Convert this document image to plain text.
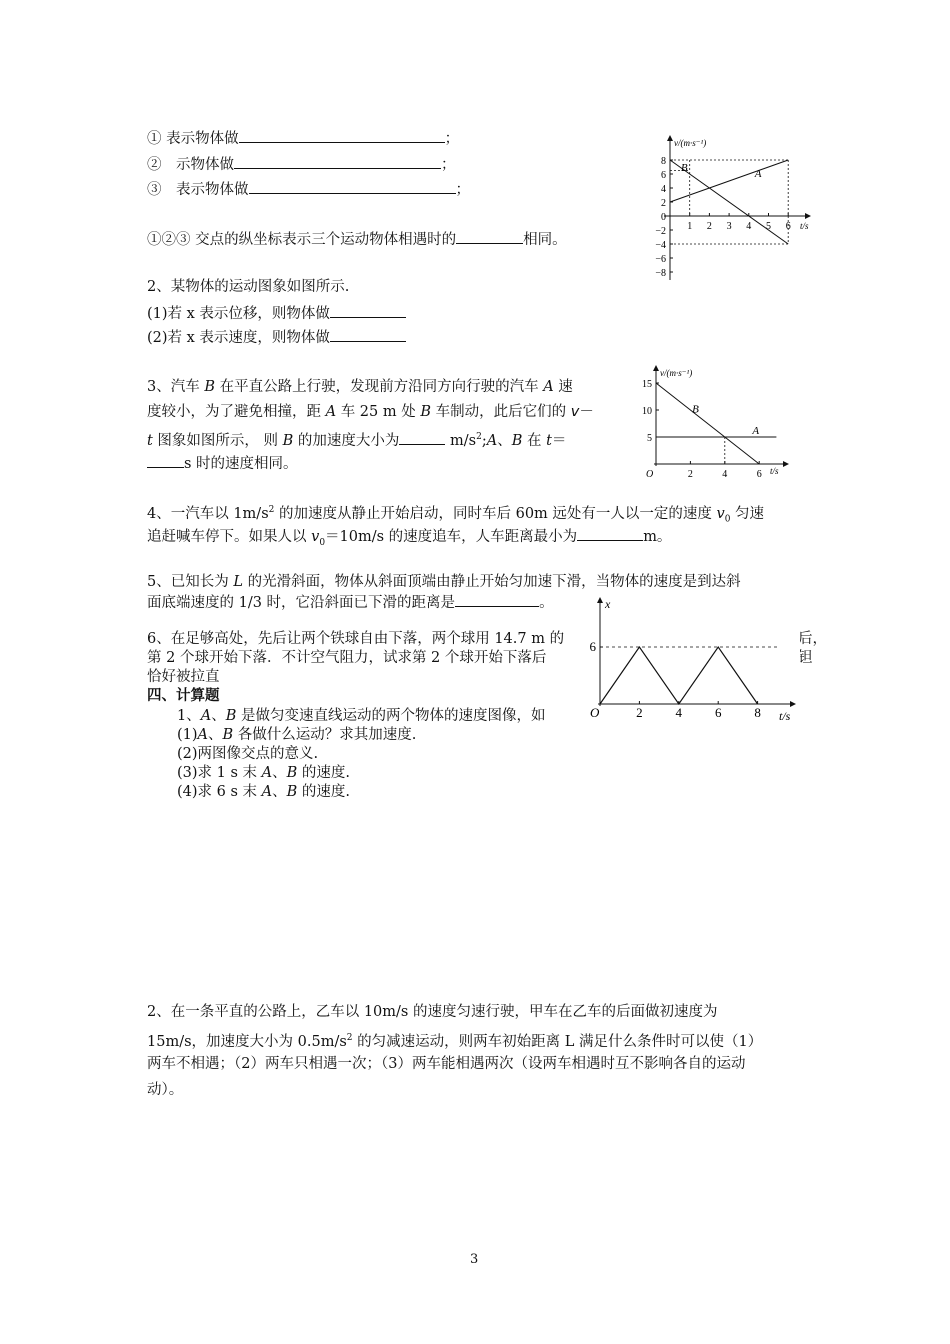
① 表示物体做	；
②　示物体做	；
③　表示物体做	；
①②③ 交点的纵坐标表示三个运动物体相遇时的	相同。
v/(m·s⁻¹)
t/s
1 2 3 4 5 6
8
6
4
2
0
−2
−4
−6
−8
A
B
2、某物体的运动图象如图所示.
(1)若 x 表示位移，则物体做
(2)若 x 表示速度，则物体做
3、汽车 B 在平直公路上行驶，发现前方沿同方向行驶的汽车 A 速
度较小，为了避免相撞，距 A 车 25 m 处 B 车制动，此后它们的 v－
t 图象如图所示， 则 B 的加速度大小为	$m/s^2;A$、B 在 t＝
s 时的速度相同。
v/(m·s⁻¹)
t/s
O	2	4	6
15
10
5
A
B
4、一汽车以 $1m/s^2$ 的加速度从静止开始启动，同时车后 60m 远处有一人以一定的速度 $v_0$ 匀速
追赶喊车停下。如果人以 $v_0=10m/s$ 的速度追车，人车距离最小为	m。
5、已知长为 L 的光滑斜面，物体从斜面顶端由静止开始匀加速下滑，当物体的速度是到达斜
面底端速度的 1/3 时，它沿斜面已下滑的距离是	。
6、在足够高处，先后让两个铁球自由下落，两个球用 14.7 m 的	后，
第 2 个球开始下落．不计空气阻力，试求第 2 个球开始下落后	钽
恰好被拉直
四、计算题
1、A、B 是做匀变速直线运动的两个物体的速度图像，如
(1)A、B 各做什么运动？求其加速度.
(2)两图像交点的意义.
(3)求 1 s 末 A、B 的速度.
(4)求 6 s 末 A、B 的速度.
x
t/s
O	2	4	6	8
6
2、在一条平直的公路上，乙车以 10m/s 的速度匀速行驶，甲车在乙车的后面做初速度为
15m/s，加速度大小为 $0.5m/s^2$ 的匀减速运动，则两车初始距离 L 满足什么条件时可以使（1）
两车不相遇；（2）两车只相遇一次；（3）两车能相遇两次（设两车相遇时互不影响各自的运动
动）。
3
